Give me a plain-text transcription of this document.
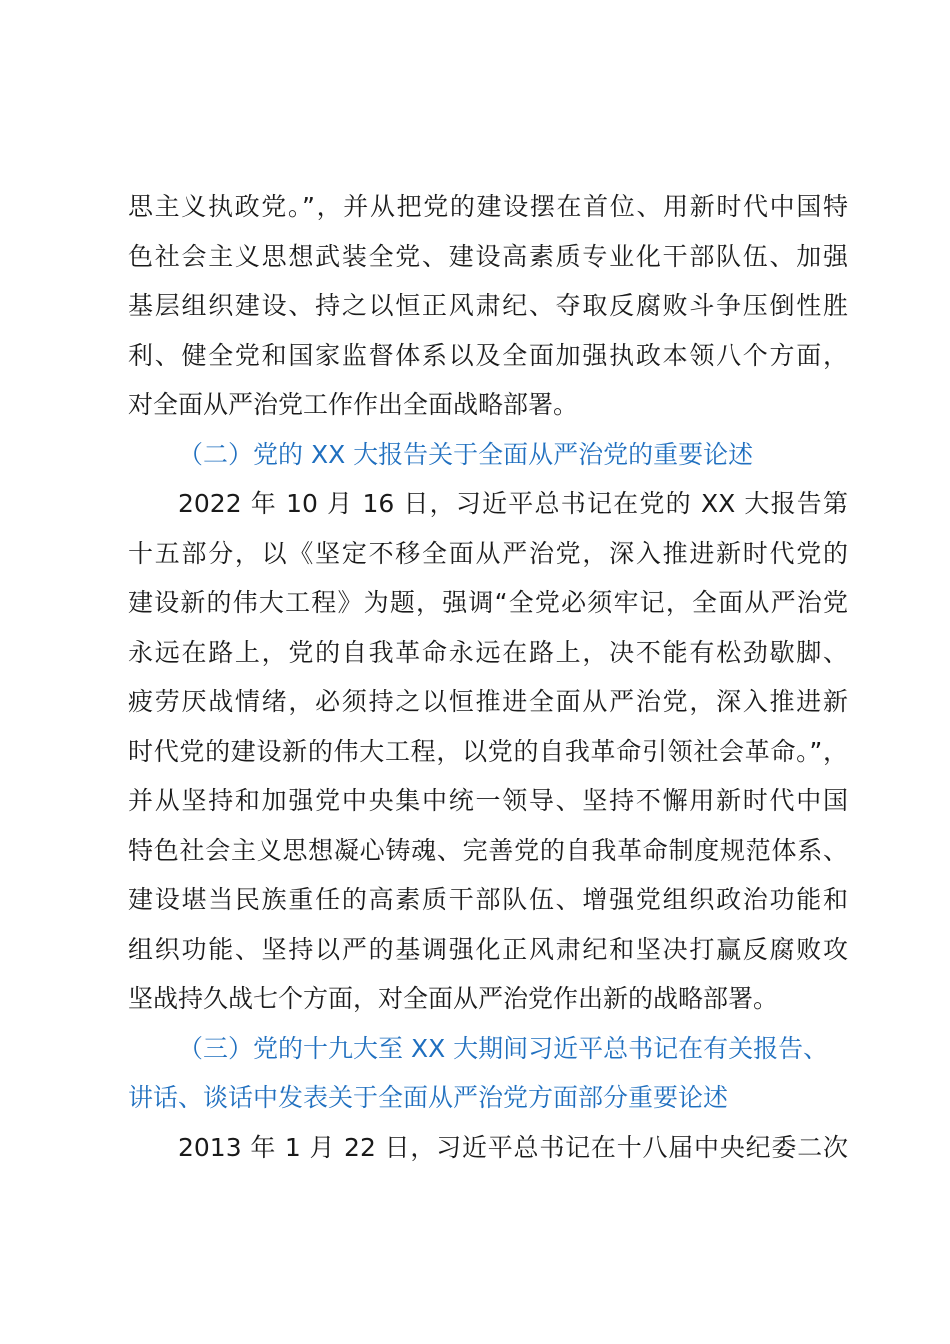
思主义执政党。”，并从把党的建设摆在首位、用新时代中国特
色社会主义思想武装全党、建设高素质专业化干部队伍、加强
基层组织建设、持之以恒正风肃纪、夺取反腐败斗争压倒性胜
利、健全党和国家监督体系以及全面加强执政本领八个方面，
对全面从严治党工作作出全面战略部署。
（二）党的 XX 大报告关于全面从严治党的重要论述
2022 年 10 月 16 日，习近平总书记在党的 XX 大报告第
十五部分，以《坚定不移全面从严治党，深入推进新时代党的
建设新的伟大工程》为题，强调“全党必须牢记，全面从严治党
永远在路上，党的自我革命永远在路上，决不能有松劲歇脚、
疲劳厌战情绪，必须持之以恒推进全面从严治党，深入推进新
时代党的建设新的伟大工程，以党的自我革命引领社会革命。”，
并从坚持和加强党中央集中统一领导、坚持不懈用新时代中国
特色社会主义思想凝心铸魂、完善党的自我革命制度规范体系、
建设堪当民族重任的高素质干部队伍、增强党组织政治功能和
组织功能、坚持以严的基调强化正风肃纪和坚决打赢反腐败攻
坚战持久战七个方面，对全面从严治党作出新的战略部署。
（三）党的十九大至 XX 大期间习近平总书记在有关报告、
讲话、谈话中发表关于全面从严治党方面部分重要论述
2013 年 1 月 22 日，习近平总书记在十八届中央纪委二次
